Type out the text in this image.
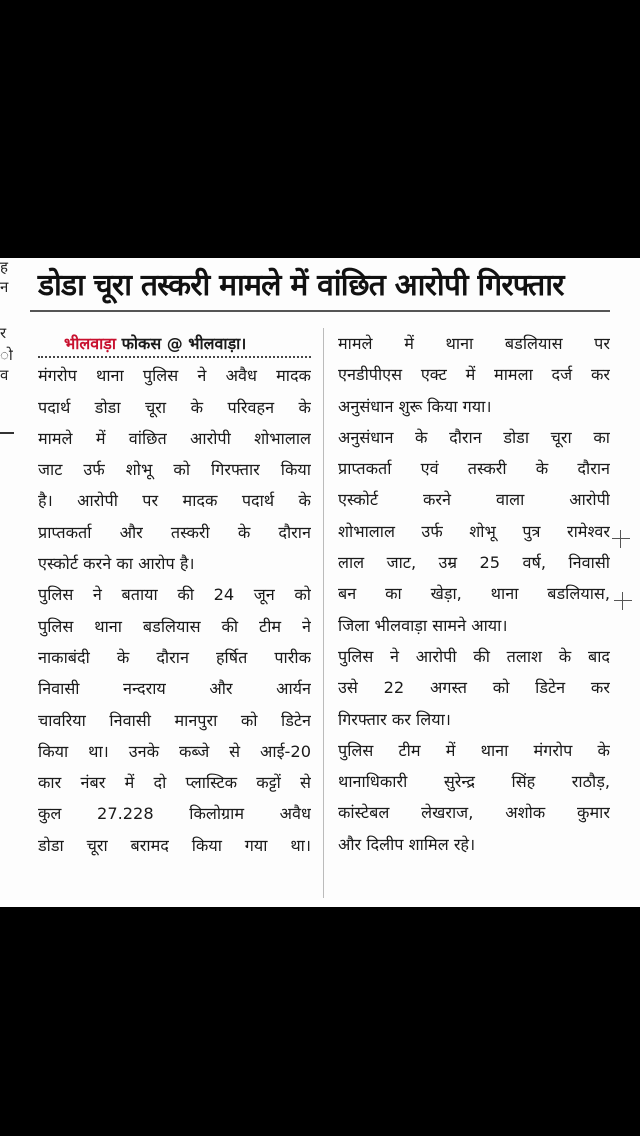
ह
न
र
ो
व
डोडा चूरा तस्करी मामले में वांछित आरोपी गिरफ्तार
भीलवाड़ा फोकस @ भीलवाड़ा।
मंगरोप थाना पुलिस ने अवैध मादक
पदार्थ डोडा चूरा के परिवहन के
मामले में वांछित आरोपी शोभालाल
जाट उर्फ शोभू को गिरफ्तार किया
है। आरोपी पर मादक पदार्थ के
प्राप्तकर्ता और तस्करी के दौरान
एस्कोर्ट करने का आरोप है।
पुलिस ने बताया की 24 जून को
पुलिस थाना बडलियास की टीम ने
नाकाबंदी के दौरान हर्षित पारीक
निवासी नन्दराय और आर्यन
चावरिया निवासी मानपुरा को डिटेन
किया था। उनके कब्जे से आई-20
कार नंबर में दो प्लास्टिक कट्टों से
कुल 27.228 किलोग्राम अवैध
डोडा चूरा बरामद किया गया था।
मामले में थाना बडलियास पर
एनडीपीएस एक्ट में मामला दर्ज कर
अनुसंधान शुरू किया गया।
अनुसंधान के दौरान डोडा चूरा का
प्राप्तकर्ता एवं तस्करी के दौरान
एस्कोर्ट करने वाला आरोपी
शोभालाल उर्फ शोभू पुत्र रामेश्वर
लाल जाट, उम्र 25 वर्ष, निवासी
बन का खेड़ा, थाना बडलियास,
जिला भीलवाड़ा सामने आया।
पुलिस ने आरोपी की तलाश के बाद
उसे 22 अगस्त को डिटेन कर
गिरफ्तार कर लिया।
पुलिस टीम में थाना मंगरोप के
थानाधिकारी सुरेन्द्र सिंह राठौड़,
कांस्टेबल लेखराज, अशोक कुमार
और दिलीप शामिल रहे।
